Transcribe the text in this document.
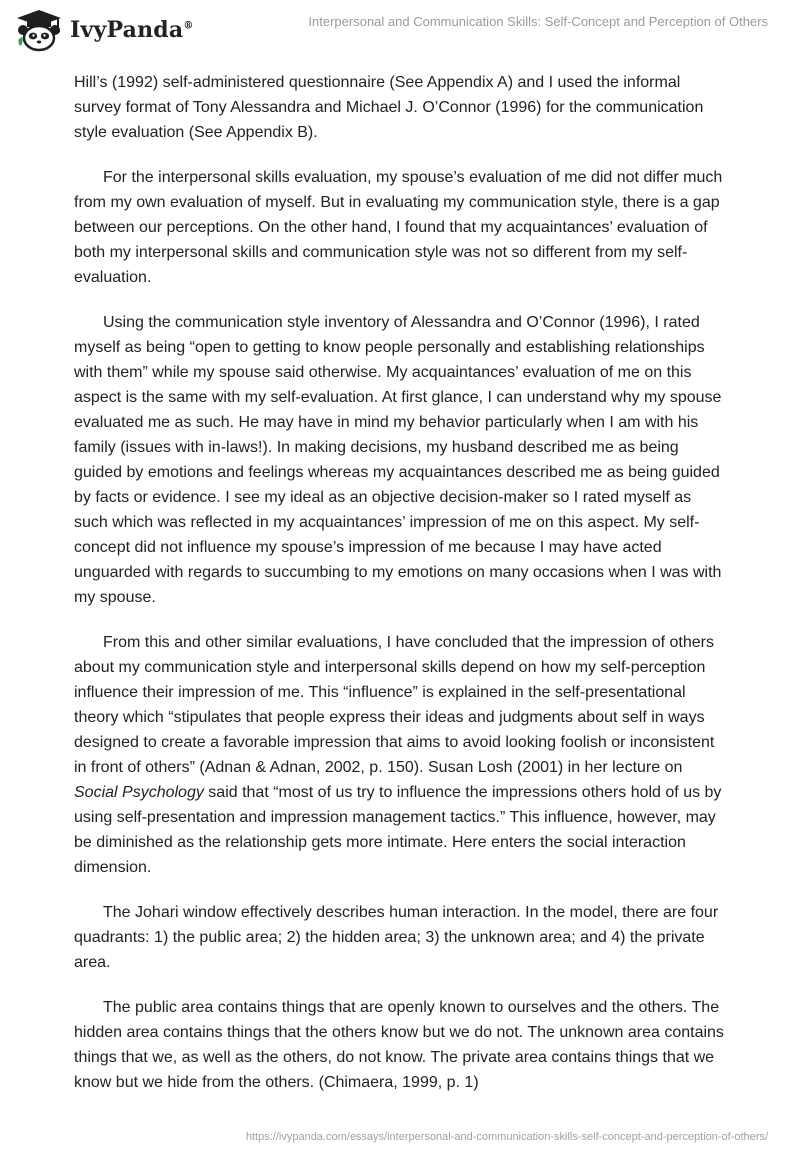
IvyPanda®	Interpersonal and Communication Skills: Self-Concept and Perception of Others

Hill’s (1992) self-administered questionnaire (See Appendix A) and I used the informal survey format of Tony Alessandra and Michael J. O’Connor (1996) for the communication style evaluation (See Appendix B).

For the interpersonal skills evaluation, my spouse’s evaluation of me did not differ much from my own evaluation of myself. But in evaluating my communication style, there is a gap between our perceptions. On the other hand, I found that my acquaintances’ evaluation of both my interpersonal skills and communication style was not so different from my self-evaluation.

Using the communication style inventory of Alessandra and O’Connor (1996), I rated myself as being “open to getting to know people personally and establishing relationships with them” while my spouse said otherwise. My acquaintances’ evaluation of me on this aspect is the same with my self-evaluation. At first glance, I can understand why my spouse evaluated me as such. He may have in mind my behavior particularly when I am with his family (issues with in-laws!). In making decisions, my husband described me as being guided by emotions and feelings whereas my acquaintances described me as being guided by facts or evidence. I see my ideal as an objective decision-maker so I rated myself as such which was reflected in my acquaintances’ impression of me on this aspect. My self-concept did not influence my spouse’s impression of me because I may have acted unguarded with regards to succumbing to my emotions on many occasions when I was with my spouse.

From this and other similar evaluations, I have concluded that the impression of others about my communication style and interpersonal skills depend on how my self-perception influence their impression of me. This “influence” is explained in the self-presentational theory which “stipulates that people express their ideas and judgments about self in ways designed to create a favorable impression that aims to avoid looking foolish or inconsistent in front of others” (Adnan & Adnan, 2002, p. 150). Susan Losh (2001) in her lecture on Social Psychology said that “most of us try to influence the impressions others hold of us by using self-presentation and impression management tactics.” This influence, however, may be diminished as the relationship gets more intimate. Here enters the social interaction dimension.

The Johari window effectively describes human interaction. In the model, there are four quadrants: 1) the public area; 2) the hidden area; 3) the unknown area; and 4) the private area.

The public area contains things that are openly known to ourselves and the others. The hidden area contains things that the others know but we do not. The unknown area contains things that we, as well as the others, do not know. The private area contains things that we know but we hide from the others. (Chimaera, 1999, p. 1)

https://ivypanda.com/essays/interpersonal-and-communication-skills-self-concept-and-perception-of-others/
